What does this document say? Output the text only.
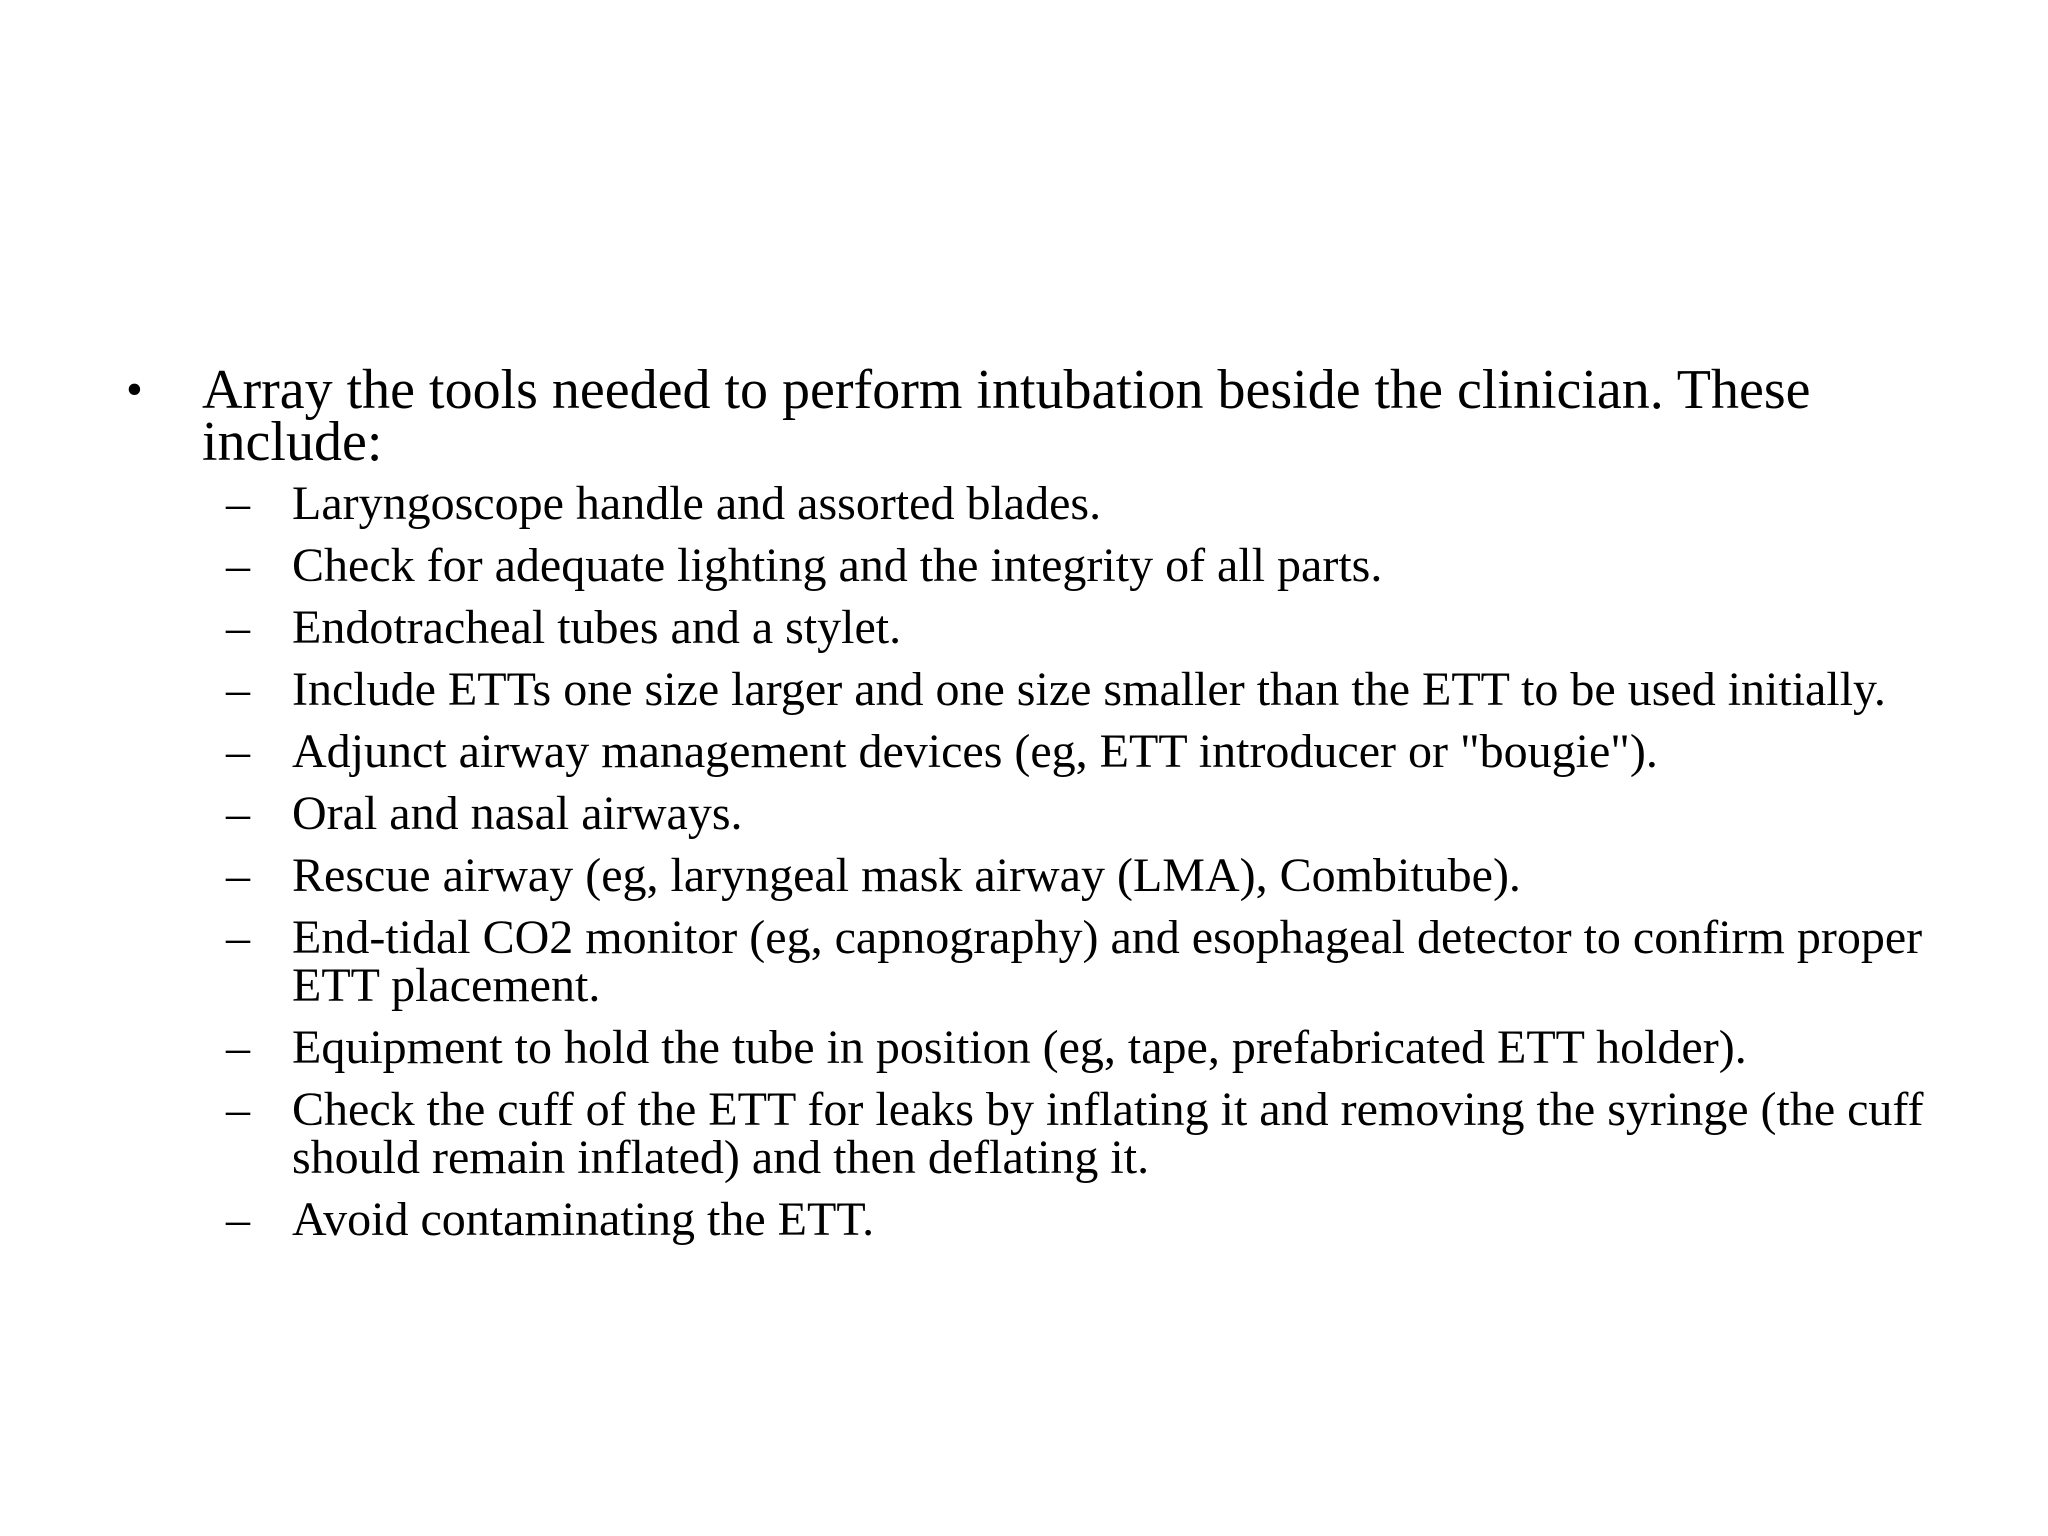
• Array the tools needed to perform intubation beside the clinician. These include:
– Laryngoscope handle and assorted blades.
– Check for adequate lighting and the integrity of all parts.
– Endotracheal tubes and a stylet.
– Include ETTs one size larger and one size smaller than the ETT to be used initially.
– Adjunct airway management devices (eg, ETT introducer or "bougie").
– Oral and nasal airways.
– Rescue airway (eg, laryngeal mask airway (LMA), Combitube).
– End-tidal CO2 monitor (eg, capnography) and esophageal detector to confirm proper ETT placement.
– Equipment to hold the tube in position (eg, tape, prefabricated ETT holder).
– Check the cuff of the ETT for leaks by inflating it and removing the syringe (the cuff should remain inflated) and then deflating it.
– Avoid contaminating the ETT.
